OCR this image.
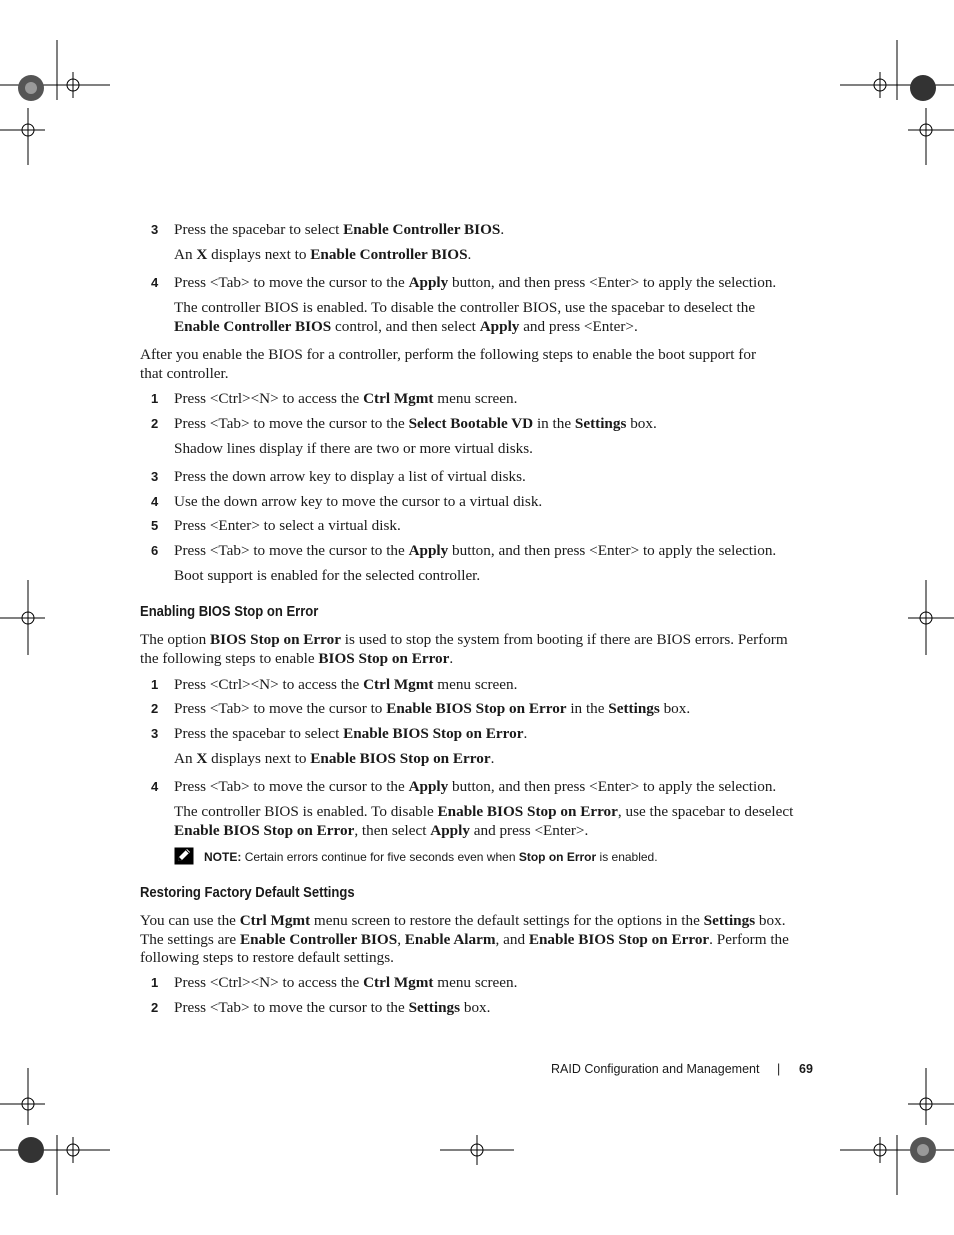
3 Press the spacebar to select Enable Controller BIOS.
An X displays next to Enable Controller BIOS.
4 Press <Tab> to move the cursor to the Apply button, and then press <Enter> to apply the selection.
The controller BIOS is enabled. To disable the controller BIOS, use the spacebar to deselect the
Enable Controller BIOS control, and then select Apply and press <Enter>.
After you enable the BIOS for a controller, perform the following steps to enable the boot support for
that controller.
1 Press <Ctrl><N> to access the Ctrl Mgmt menu screen.
2 Press <Tab> to move the cursor to the Select Bootable VD in the Settings box.
Shadow lines display if there are two or more virtual disks.
3 Press the down arrow key to display a list of virtual disks.
4 Use the down arrow key to move the cursor to a virtual disk.
5 Press <Enter> to select a virtual disk.
6 Press <Tab> to move the cursor to the Apply button, and then press <Enter> to apply the selection.
Boot support is enabled for the selected controller.
Enabling BIOS Stop on Error
The option BIOS Stop on Error is used to stop the system from booting if there are BIOS errors. Perform
the following steps to enable BIOS Stop on Error.
1 Press <Ctrl><N> to access the Ctrl Mgmt menu screen.
2 Press <Tab> to move the cursor to Enable BIOS Stop on Error in the Settings box.
3 Press the spacebar to select Enable BIOS Stop on Error.
An X displays next to Enable BIOS Stop on Error.
4 Press <Tab> to move the cursor to the Apply button, and then press <Enter> to apply the selection.
The controller BIOS is enabled. To disable Enable BIOS Stop on Error, use the spacebar to deselect
Enable BIOS Stop on Error, then select Apply and press <Enter>.
NOTE: Certain errors continue for five seconds even when Stop on Error is enabled.
Restoring Factory Default Settings
You can use the Ctrl Mgmt menu screen to restore the default settings for the options in the Settings box.
The settings are Enable Controller BIOS, Enable Alarm, and Enable BIOS Stop on Error. Perform the
following steps to restore default settings.
1 Press <Ctrl><N> to access the Ctrl Mgmt menu screen.
2 Press <Tab> to move the cursor to the Settings box.
RAID Configuration and Management | 69
